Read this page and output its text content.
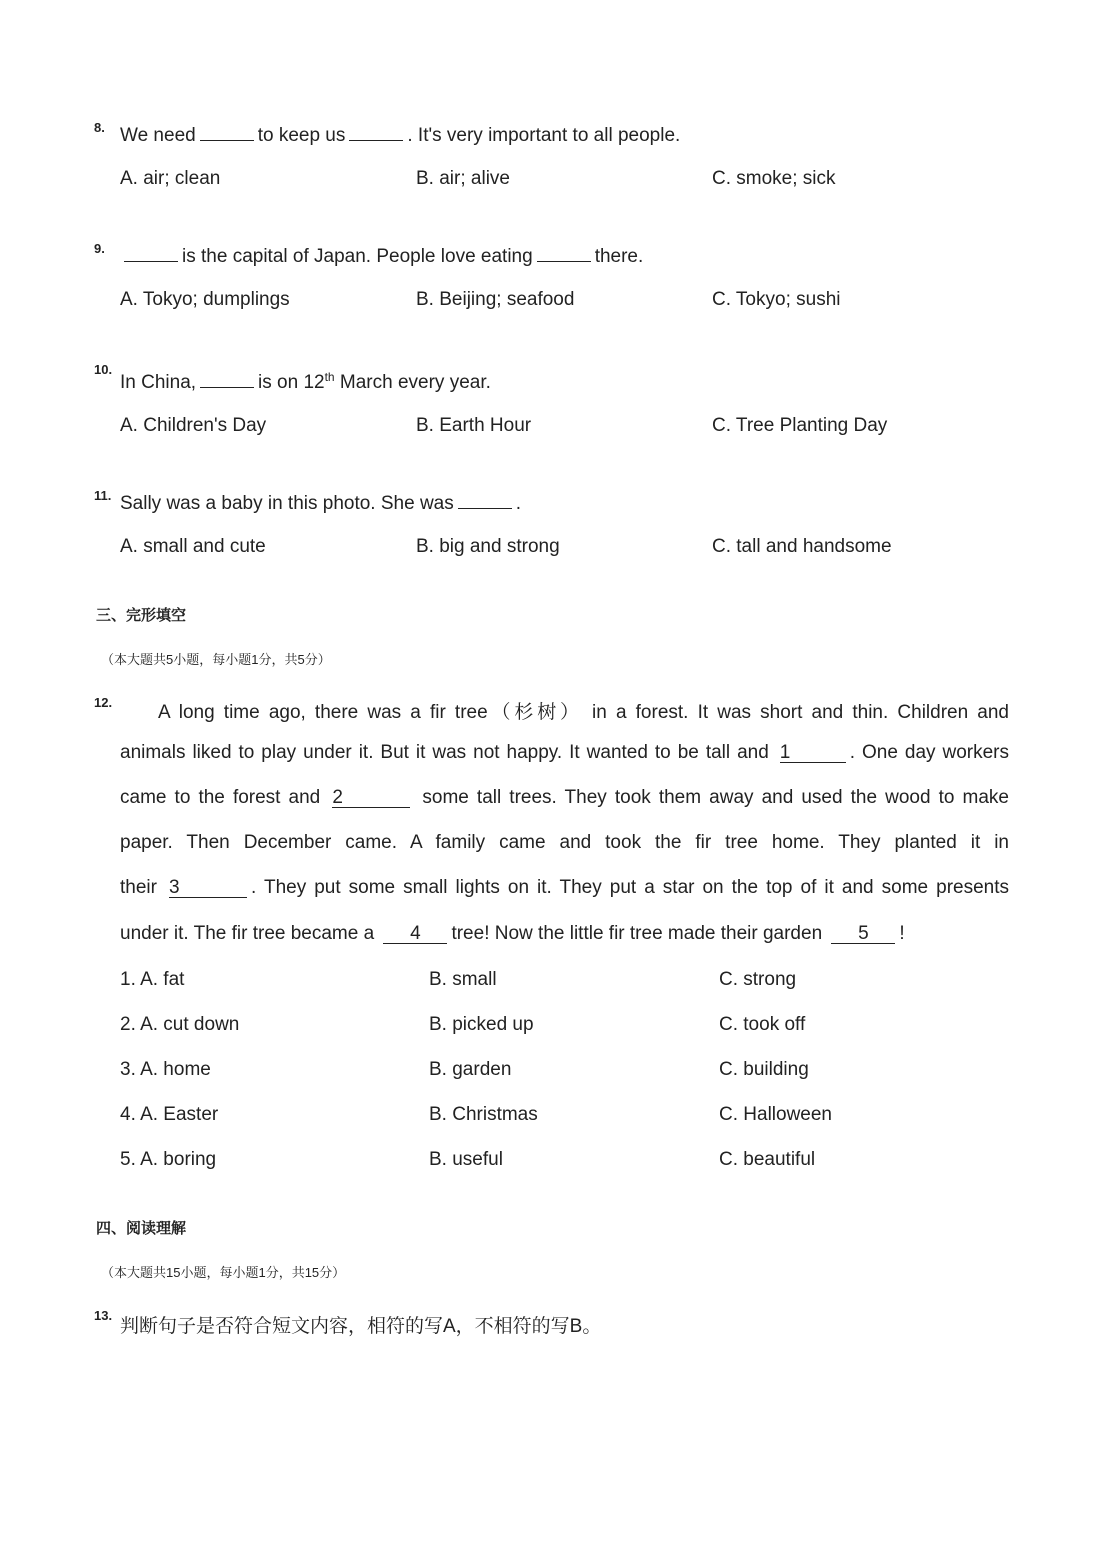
8. We need	to keep us	. It's very important to all people.
A. air; clean	B. air; alive	C. smoke; sick
9.	is the capital of Japan. People love eating	there.
A. Tokyo; dumplings	B. Beijing; seafood	C. Tokyo; sushi
10.
In China,	is on 12th March every year.
A. Children's Day	B. Earth Hour	C. Tree Planting Day
11. Sally was a baby in this photo. She was	.
A. small and cute	B. big and strong	C. tall and handsome
三、完形填空
（本大题共5小题，每小题1分，共5分）
12. A long time ago, there was a fir tree（杉树） in a forest. It was short and thin. Children and
animals liked to play under it. But it was not happy. It wanted to be tall and 1	. One day workers
came to the forest and 2	some tall trees. They took them away and used the wood to make
paper. Then December came. A family came and took the fir tree home. They planted it in
their 3	. They put some small lights on it. They put a star on the top of it and some presents
under it. The fir tree became a 4 tree! Now the little fir tree made their garden 5 !
1. A. fat	B. small	C. strong
2. A. cut down	B. picked up	C. took off
3. A. home	B. garden	C. building
4. A. Easter	B. Christmas	C. Halloween
5. A. boring	B. useful	C. beautiful
四、阅读理解
（本大题共15小题，每小题1分，共15分）
13.
判断句子是否符合短文内容，相符的写A，不相符的写B。
